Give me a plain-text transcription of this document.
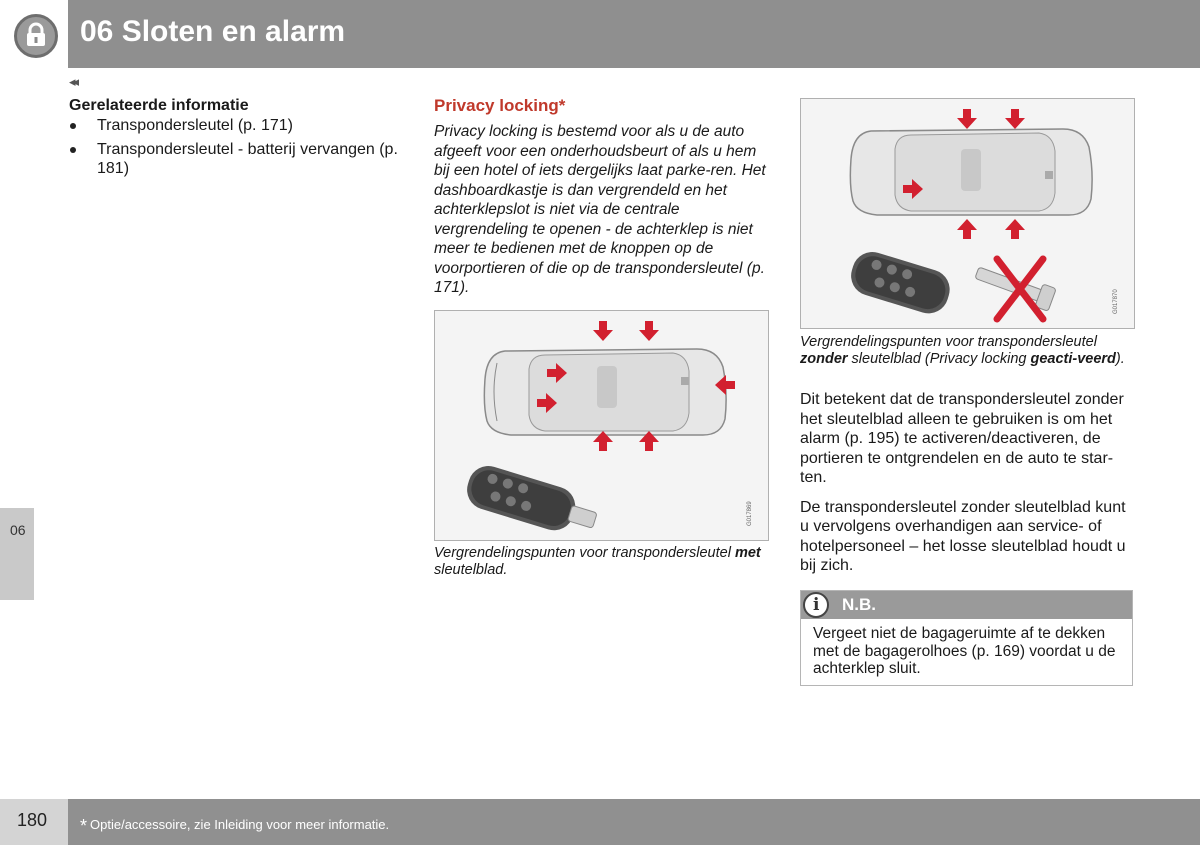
06 Sloten en alarm
◂◂
06
Gerelateerde informatie
Transpondersleutel (p. 171)
Transpondersleutel - batterij vervangen (p. 181)
Privacy locking*

Privacy locking is bestemd voor als u de auto afgeeft voor een onderhoudsbeurt of als u hem bij een hotel of iets dergelijks laat parke-ren. Het dashboardkastje is dan vergrendeld en het achterklepslot is niet via de centrale vergrendeling te openen - de achterklep is niet meer te bedienen met de knoppen op de voorportieren of die op de transpondersleutel (p. 171).

G017869
Vergrendelingspunten voor transpondersleutel met sleutelblad.
G017870
Vergrendelingspunten voor transpondersleutel zonder sleutelblad (Privacy locking geacti-veerd).

Dit betekent dat de transpondersleutel zonder het sleutelblad alleen te gebruiken is om het alarm (p. 195) te activeren/deactiveren, de portieren te ontgrendelen en de auto te star-ten.

De transpondersleutel zonder sleutelblad kunt u vervolgens overhandigen aan service- of hotelpersoneel – het losse sleutelblad houdt u bij zich.

i N.B.
Vergeet niet de bagageruimte af te dekken met de bagagerolhoes (p. 169) voordat u de achterklep sluit.
180 * Optie/accessoire, zie Inleiding voor meer informatie.
